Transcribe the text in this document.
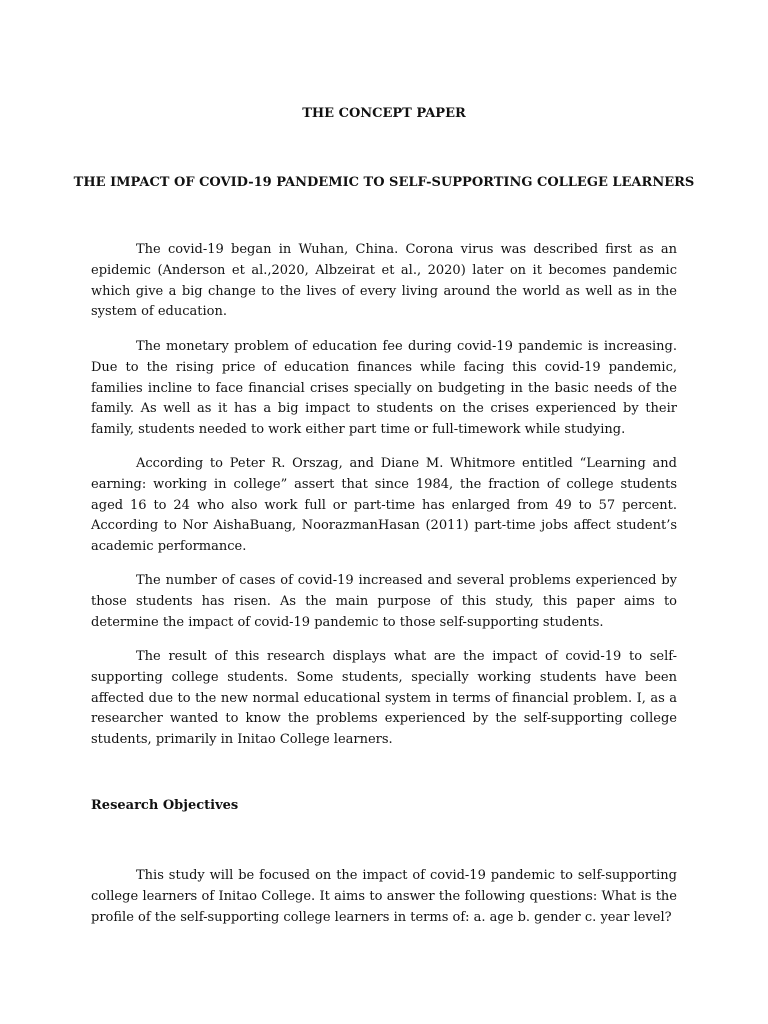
THE CONCEPT PAPER
THE IMPACT OF COVID-19 PANDEMIC TO SELF-SUPPORTING COLLEGE LEARNERS

The covid-19 began in Wuhan, China. Corona virus was described first as an epidemic (Anderson et al.,2020, Albzeirat et al., 2020) later on it becomes pandemic which give a big change to the lives of every living around the world as well as in the system of education.

The monetary problem of education fee during covid-19 pandemic is increasing. Due to the rising price of education finances while facing this covid-19 pandemic, families incline to face financial crises specially on budgeting in the basic needs of the family. As well as it has a big impact to students on the crises experienced by their family, students needed to work either part time or full-timework while studying.

According to Peter R. Orszag, and Diane M. Whitmore entitled “Learning and earning: working in college” assert that since 1984, the fraction of college students aged 16 to 24 who also work full or part-time has enlarged from 49 to 57 percent. According to Nor AishaBuang, NoorazmanHasan (2011) part-time jobs affect student’s academic performance.

The number of cases of covid-19 increased and several problems experienced by those students has risen. As the main purpose of this study, this paper aims to determine the impact of covid-19 pandemic to those self-supporting students.

The result of this research displays what are the impact of covid-19 to self-supporting college students. Some students, specially working students have been affected due to the new normal educational system in terms of financial problem. I, as a researcher wanted to know the problems experienced by the self-supporting college students, primarily in Initao College learners.

Research Objectives

This study will be focused on the impact of covid-19 pandemic to self-supporting college learners of Initao College. It aims to answer the following questions: What is the profile of the self-supporting college learners in terms of: a. age b. gender c. year level?
